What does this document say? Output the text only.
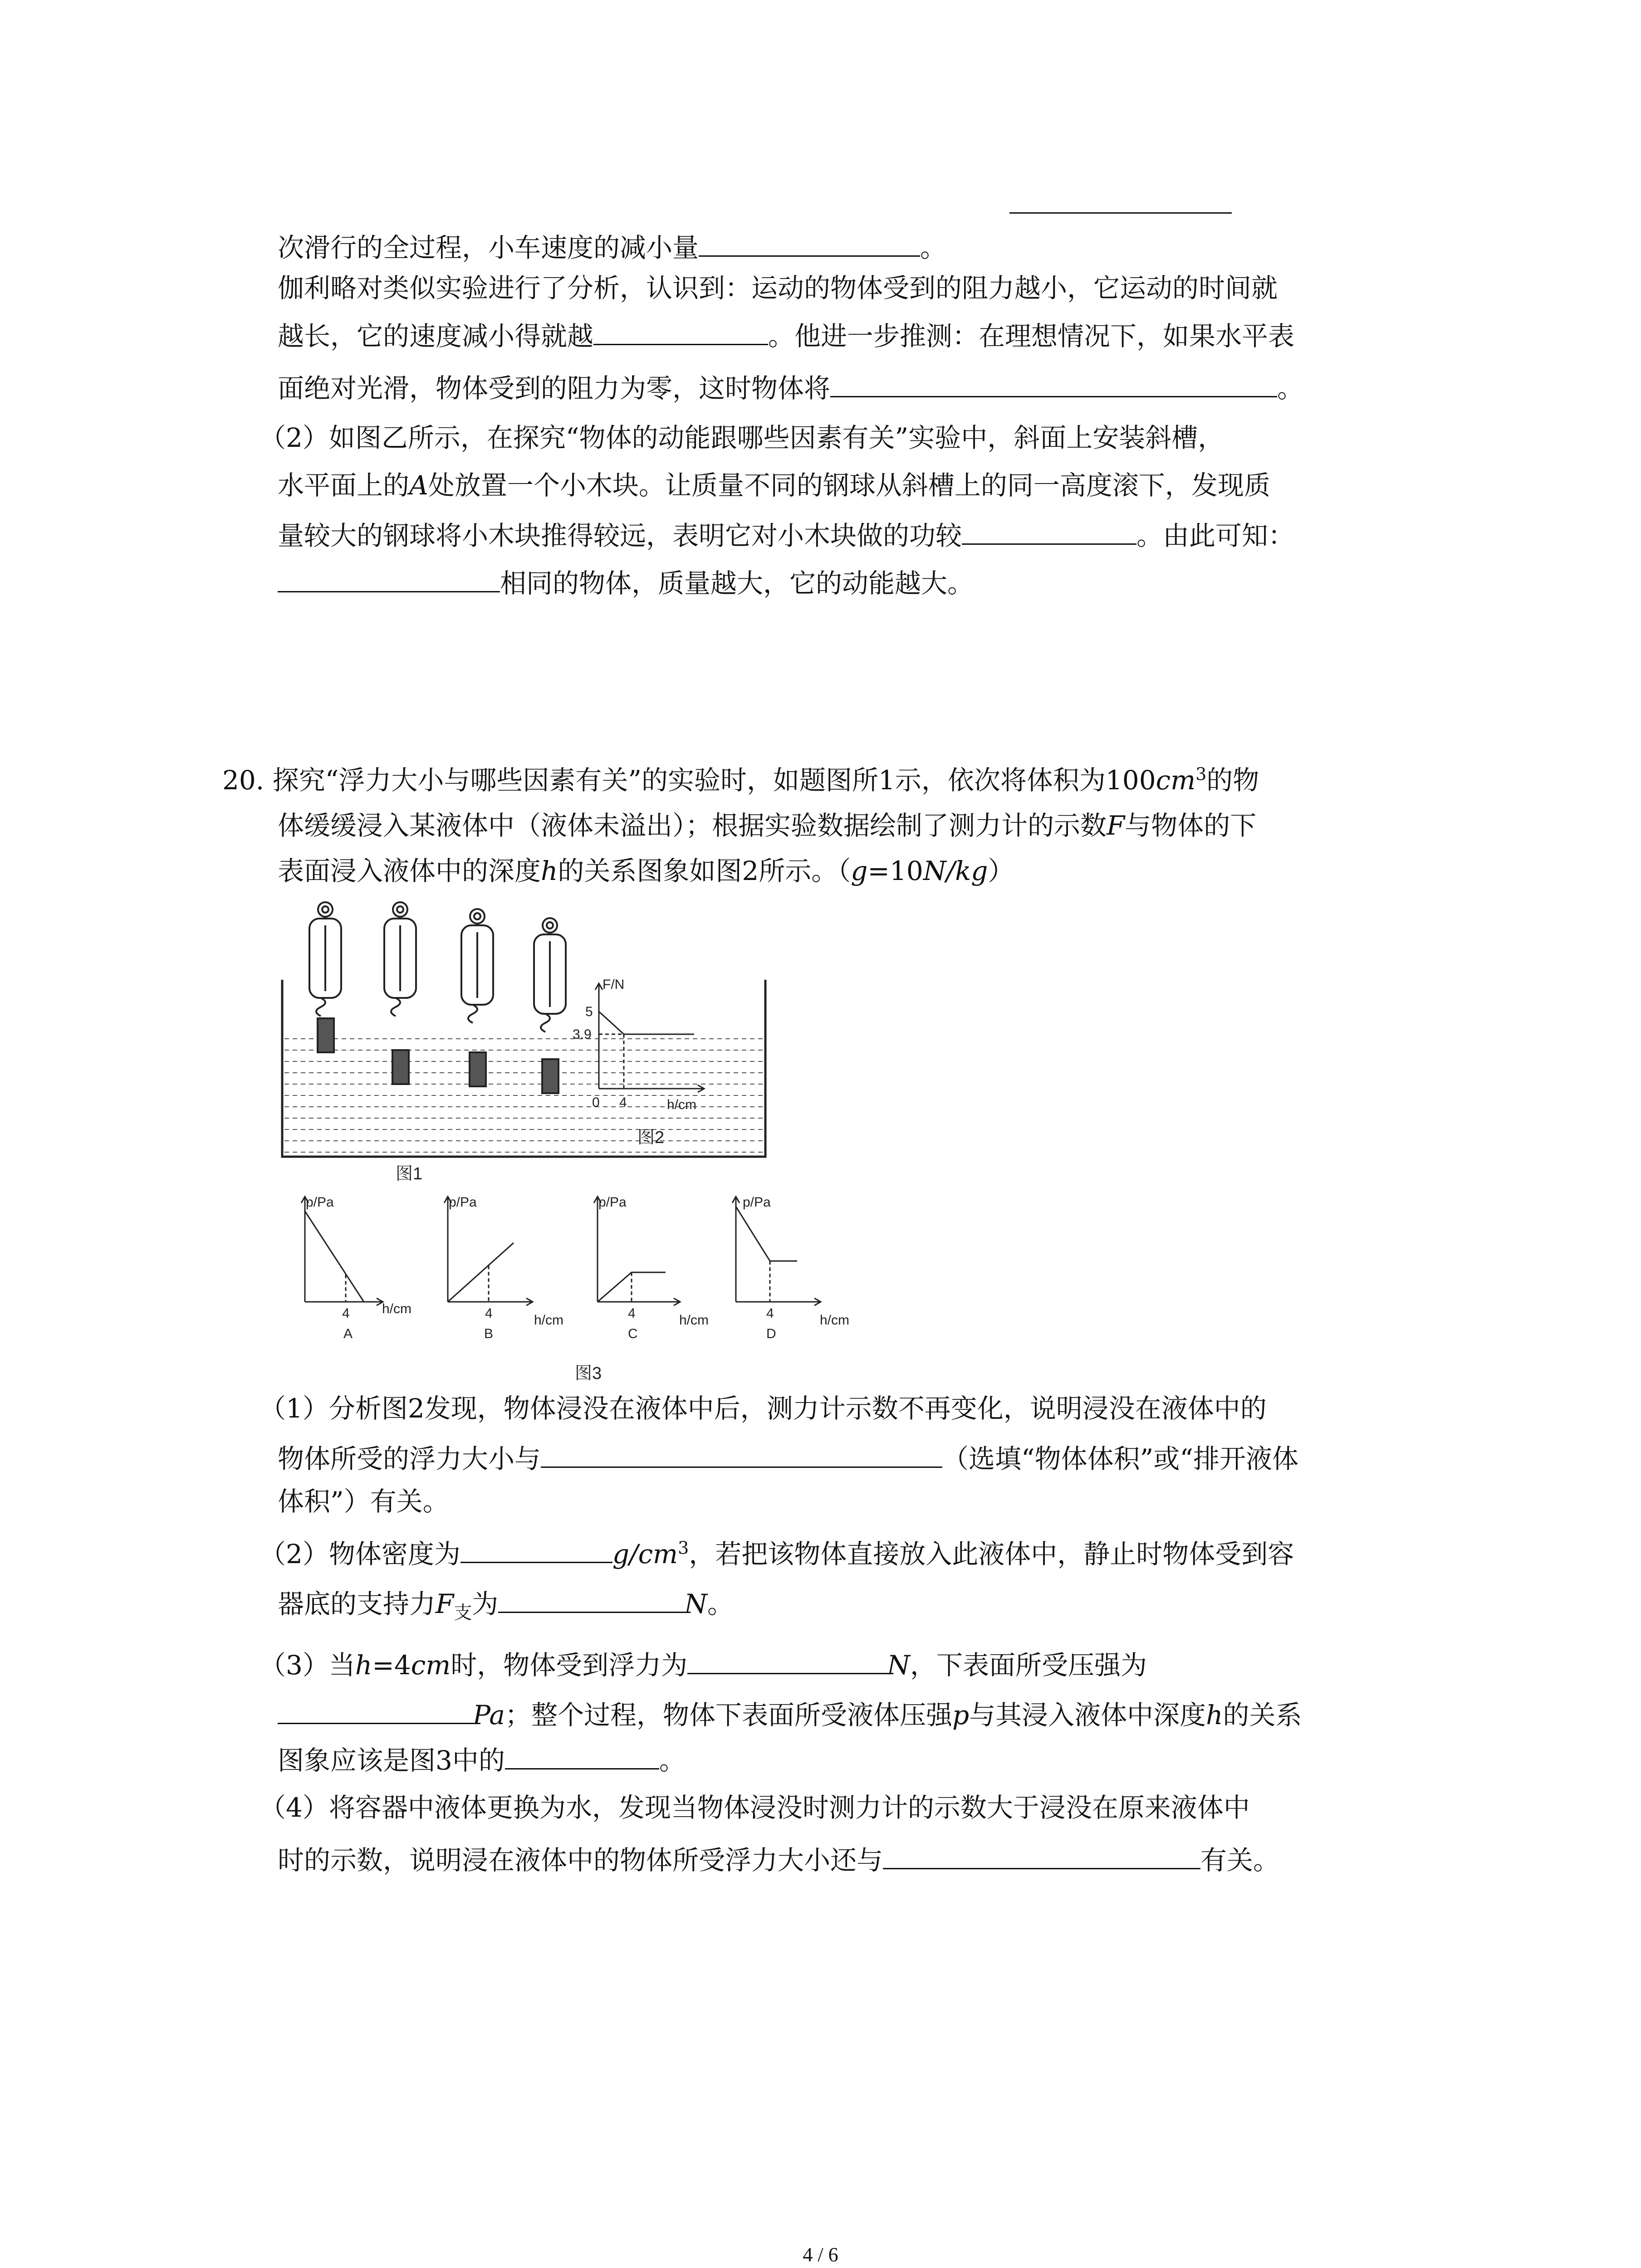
次滑行的全过程，小车速度的减小量	。
伽利略对类似实验进行了分析，认识到：运动的物体受到的阻力越小，它运动的时间就
越长，它的速度减小得就越	。他进一步推测：在理想情况下，如果水平表
面绝对光滑，物体受到的阻力为零，这时物体将	。
（2）如图乙所示，在探究“物体的动能跟哪些因素有关”实验中，斜面上安装斜槽，
水平面上的A处放置一个小木块。让质量不同的钢球从斜槽上的同一高度滚下，发现质
量较大的钢球将小木块推得较远，表明它对小木块做的功较	。由此可知：
相同的物体，质量越大，它的动能越大。
20. 探究“浮力大小与哪些因素有关”的实验时，如题图所1示，依次将体积为$100cm^3$的物
体缓缓浸入某液体中（液体未溢出）；根据实验数据绘制了测力计的示数F与物体的下
表面浸入液体中的深度h的关系图象如图2所示。（g=10N/kg）
图1
F/N
5
3.9
0 4	h/cm
图2
p/Pa
4 h/cm
A
p/Pa
4	h/cm
B
p/Pa
4	h/cm
C
p/Pa
4	h/cm
D
图3
（1）分析图2发现，物体浸没在液体中后，测力计示数不再变化，说明浸没在液体中的
物体所受的浮力大小与	（选填“物体体积”或“排开液体
体积”）有关。
（2）物体密度为	$g/cm^3$，若把该物体直接放入此液体中，静止时物体受到容
器底的支持力$F_支$为	N。
（3）当h=4cm时，物体受到浮力为	N，下表面所受压强为
Pa；整个过程，物体下表面所受液体压强p与其浸入液体中深度h的关系
图象应该是图3中的	。
（4）将容器中液体更换为水，发现当物体浸没时测力计的示数大于浸没在原来液体中
时的示数，说明浸在液体中的物体所受浮力大小还与	有关。
4 / 6
